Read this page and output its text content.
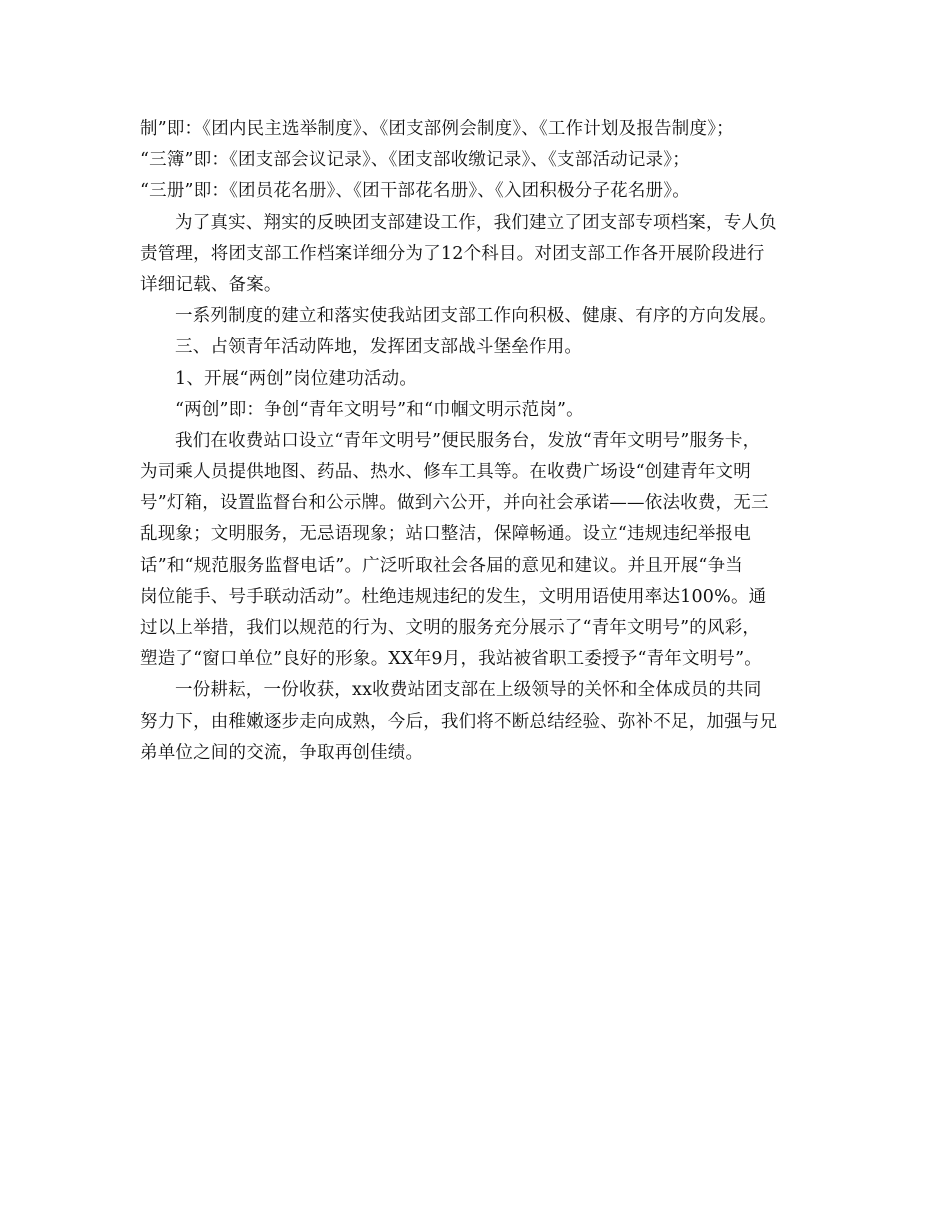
制”即：《团内民主选举制度》、《团支部例会制度》、《工作计划及报告制度》；
“三簿”即：《团支部会议记录》、《团支部收缴记录》、《支部活动记录》；
“三册”即：《团员花名册》、《团干部花名册》、《入团积极分子花名册》。
为了真实、翔实的反映团支部建设工作，我们建立了团支部专项档案，专人负
责管理，将团支部工作档案详细分为了12个科目。对团支部工作各开展阶段进行
详细记载、备案。
一系列制度的建立和落实使我站团支部工作向积极、健康、有序的方向发展。
三、占领青年活动阵地，发挥团支部战斗堡垒作用。
1、开展“两创”岗位建功活动。
“两创”即：争创“青年文明号”和“巾帼文明示范岗”。
我们在收费站口设立“青年文明号”便民服务台，发放“青年文明号”服务卡，
为司乘人员提供地图、药品、热水、修车工具等。在收费广场设“创建青年文明
号”灯箱，设置监督台和公示牌。做到六公开，并向社会承诺——依法收费，无三
乱现象；文明服务，无忌语现象；站口整洁，保障畅通。设立“违规违纪举报电
话”和“规范服务监督电话”。广泛听取社会各届的意见和建议。并且开展“争当
岗位能手、号手联动活动”。杜绝违规违纪的发生，文明用语使用率达100%。通
过以上举措，我们以规范的行为、文明的服务充分展示了“青年文明号”的风彩，
塑造了“窗口单位”良好的形象。XX年9月，我站被省职工委授予“青年文明号”。
一份耕耘，一份收获，xx收费站团支部在上级领导的关怀和全体成员的共同
努力下，由稚嫩逐步走向成熟，今后，我们将不断总结经验、弥补不足，加强与兄
弟单位之间的交流，争取再创佳绩。
